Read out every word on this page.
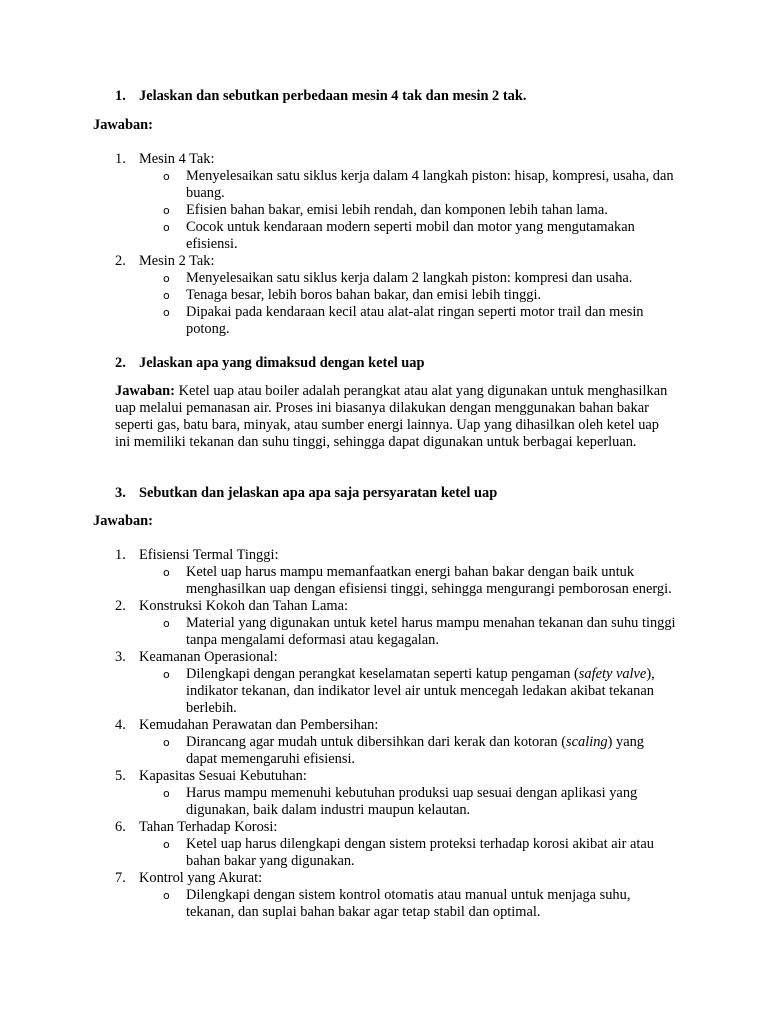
1. Jelaskan dan sebutkan perbedaan mesin 4 tak dan mesin 2 tak.
Jawaban:
1. Mesin 4 Tak:
o Menyelesaikan satu siklus kerja dalam 4 langkah piston: hisap, kompresi, usaha, dan buang.
o Efisien bahan bakar, emisi lebih rendah, dan komponen lebih tahan lama.
o Cocok untuk kendaraan modern seperti mobil dan motor yang mengutamakan efisiensi.
2. Mesin 2 Tak:
o Menyelesaikan satu siklus kerja dalam 2 langkah piston: kompresi dan usaha.
o Tenaga besar, lebih boros bahan bakar, dan emisi lebih tinggi.
o Dipakai pada kendaraan kecil atau alat-alat ringan seperti motor trail dan mesin potong.
2. Jelaskan apa yang dimaksud dengan ketel uap
Jawaban: Ketel uap atau boiler adalah perangkat atau alat yang digunakan untuk menghasilkan uap melalui pemanasan air. Proses ini biasanya dilakukan dengan menggunakan bahan bakar seperti gas, batu bara, minyak, atau sumber energi lainnya. Uap yang dihasilkan oleh ketel uap ini memiliki tekanan dan suhu tinggi, sehingga dapat digunakan untuk berbagai keperluan.
3. Sebutkan dan jelaskan apa apa saja persyaratan ketel uap
Jawaban:
1. Efisiensi Termal Tinggi:
o Ketel uap harus mampu memanfaatkan energi bahan bakar dengan baik untuk menghasilkan uap dengan efisiensi tinggi, sehingga mengurangi pemborosan energi.
2. Konstruksi Kokoh dan Tahan Lama:
o Material yang digunakan untuk ketel harus mampu menahan tekanan dan suhu tinggi tanpa mengalami deformasi atau kegagalan.
3. Keamanan Operasional:
o Dilengkapi dengan perangkat keselamatan seperti katup pengaman (safety valve), indikator tekanan, dan indikator level air untuk mencegah ledakan akibat tekanan berlebih.
4. Kemudahan Perawatan dan Pembersihan:
o Dirancang agar mudah untuk dibersihkan dari kerak dan kotoran (scaling) yang dapat memengaruhi efisiensi.
5. Kapasitas Sesuai Kebutuhan:
o Harus mampu memenuhi kebutuhan produksi uap sesuai dengan aplikasi yang digunakan, baik dalam industri maupun kelautan.
6. Tahan Terhadap Korosi:
o Ketel uap harus dilengkapi dengan sistem proteksi terhadap korosi akibat air atau bahan bakar yang digunakan.
7. Kontrol yang Akurat:
o Dilengkapi dengan sistem kontrol otomatis atau manual untuk menjaga suhu, tekanan, dan suplai bahan bakar agar tetap stabil dan optimal.
